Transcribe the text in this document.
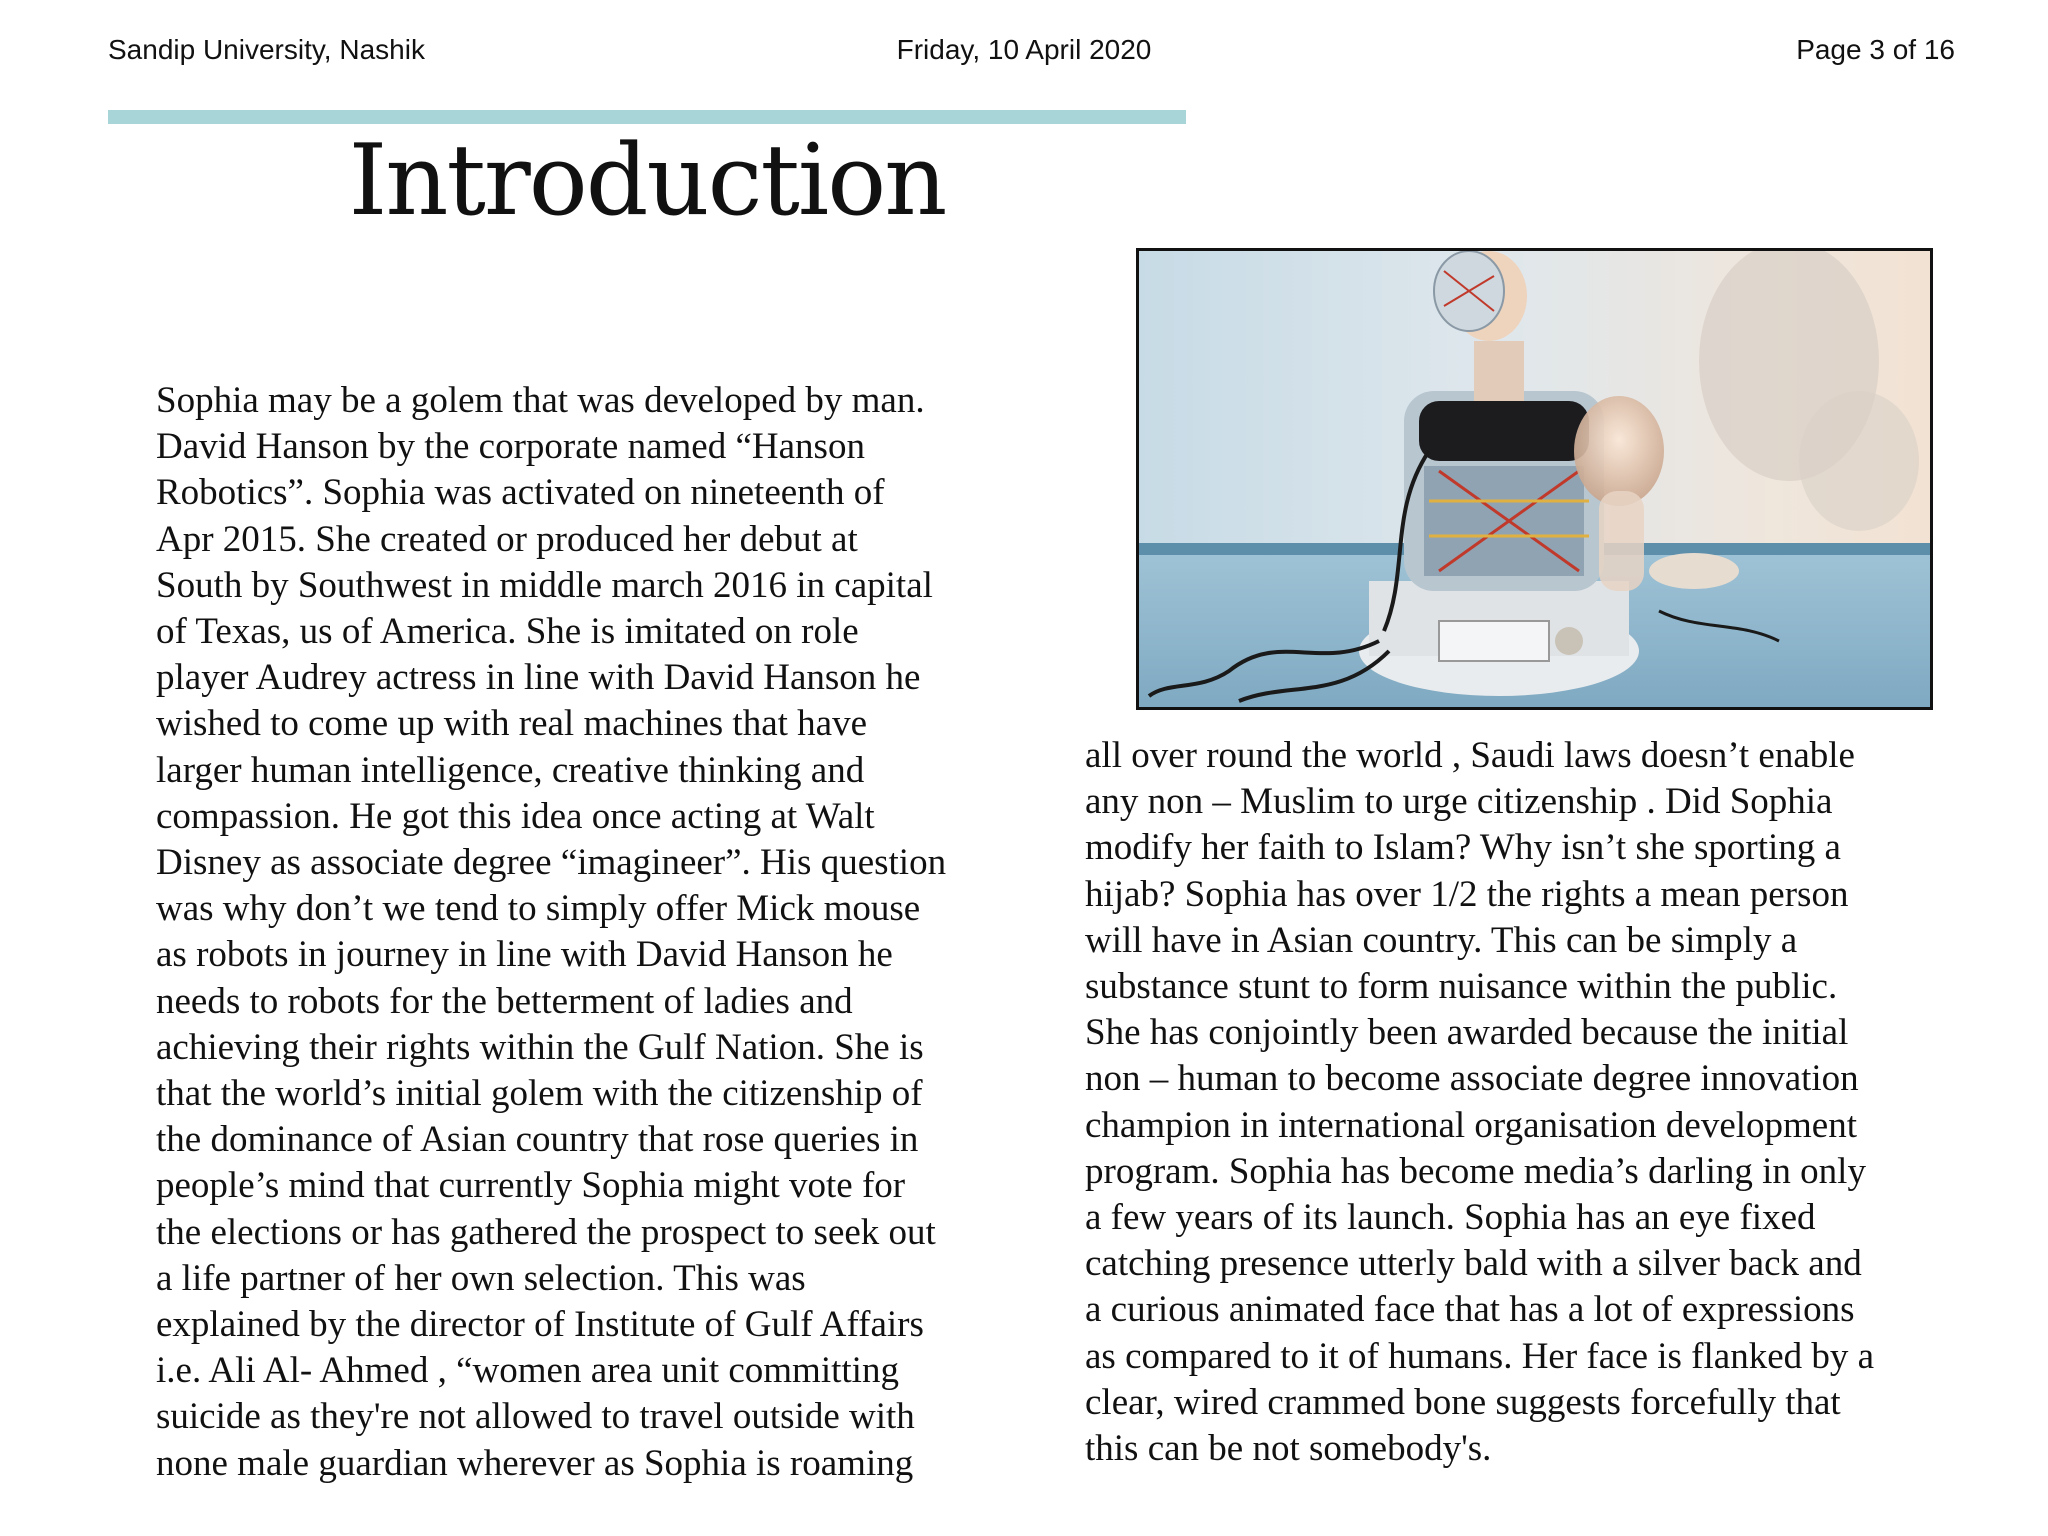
Sandip University, Nashik	Friday, 10 April 2020	Page 3 of 16
Introduction
Sophia may be a golem that was developed by man.
David Hanson by the corporate named “Hanson
Robotics”. Sophia was activated on nineteenth of
Apr 2015. She created or produced her debut at
South by Southwest in middle march 2016 in capital
of Texas, us of America. She is imitated on role
player Audrey actress in line with David Hanson he
wished to come up with real machines that have
larger human intelligence, creative thinking and
compassion. He got this idea once acting at Walt
Disney as associate degree “imagineer”. His question
was why don’t we tend to simply offer Mick mouse
as robots in journey in line with David Hanson he
needs to robots for the betterment of ladies and
achieving their rights within the Gulf Nation. She is
that the world’s initial golem with the citizenship of
the dominance of Asian country that rose queries in
people’s mind that currently Sophia might vote for
the elections or has gathered the prospect to seek out
a life partner of her own selection. This was
explained by the director of Institute of Gulf Affairs
i.e. Ali Al- Ahmed , “women area unit committing
suicide as they're not allowed to travel outside with
none male guardian wherever as Sophia is roaming
all over round the world , Saudi laws doesn’t enable
any non – Muslim to urge citizenship . Did Sophia
modify her faith to Islam? Why isn’t she sporting a
hijab? Sophia has over 1/2 the rights a mean person
will have in Asian country. This can be simply a
substance stunt to form nuisance within the public.
She has conjointly been awarded because the initial
non – human to become associate degree innovation
champion in international organisation development
program. Sophia has become media’s darling in only
a few years of its launch. Sophia has an eye fixed
catching presence utterly bald with a silver back and
a curious animated face that has a lot of expressions
as compared to it of humans. Her face is flanked by a
clear, wired crammed bone suggests forcefully that
this can be not somebody's.
